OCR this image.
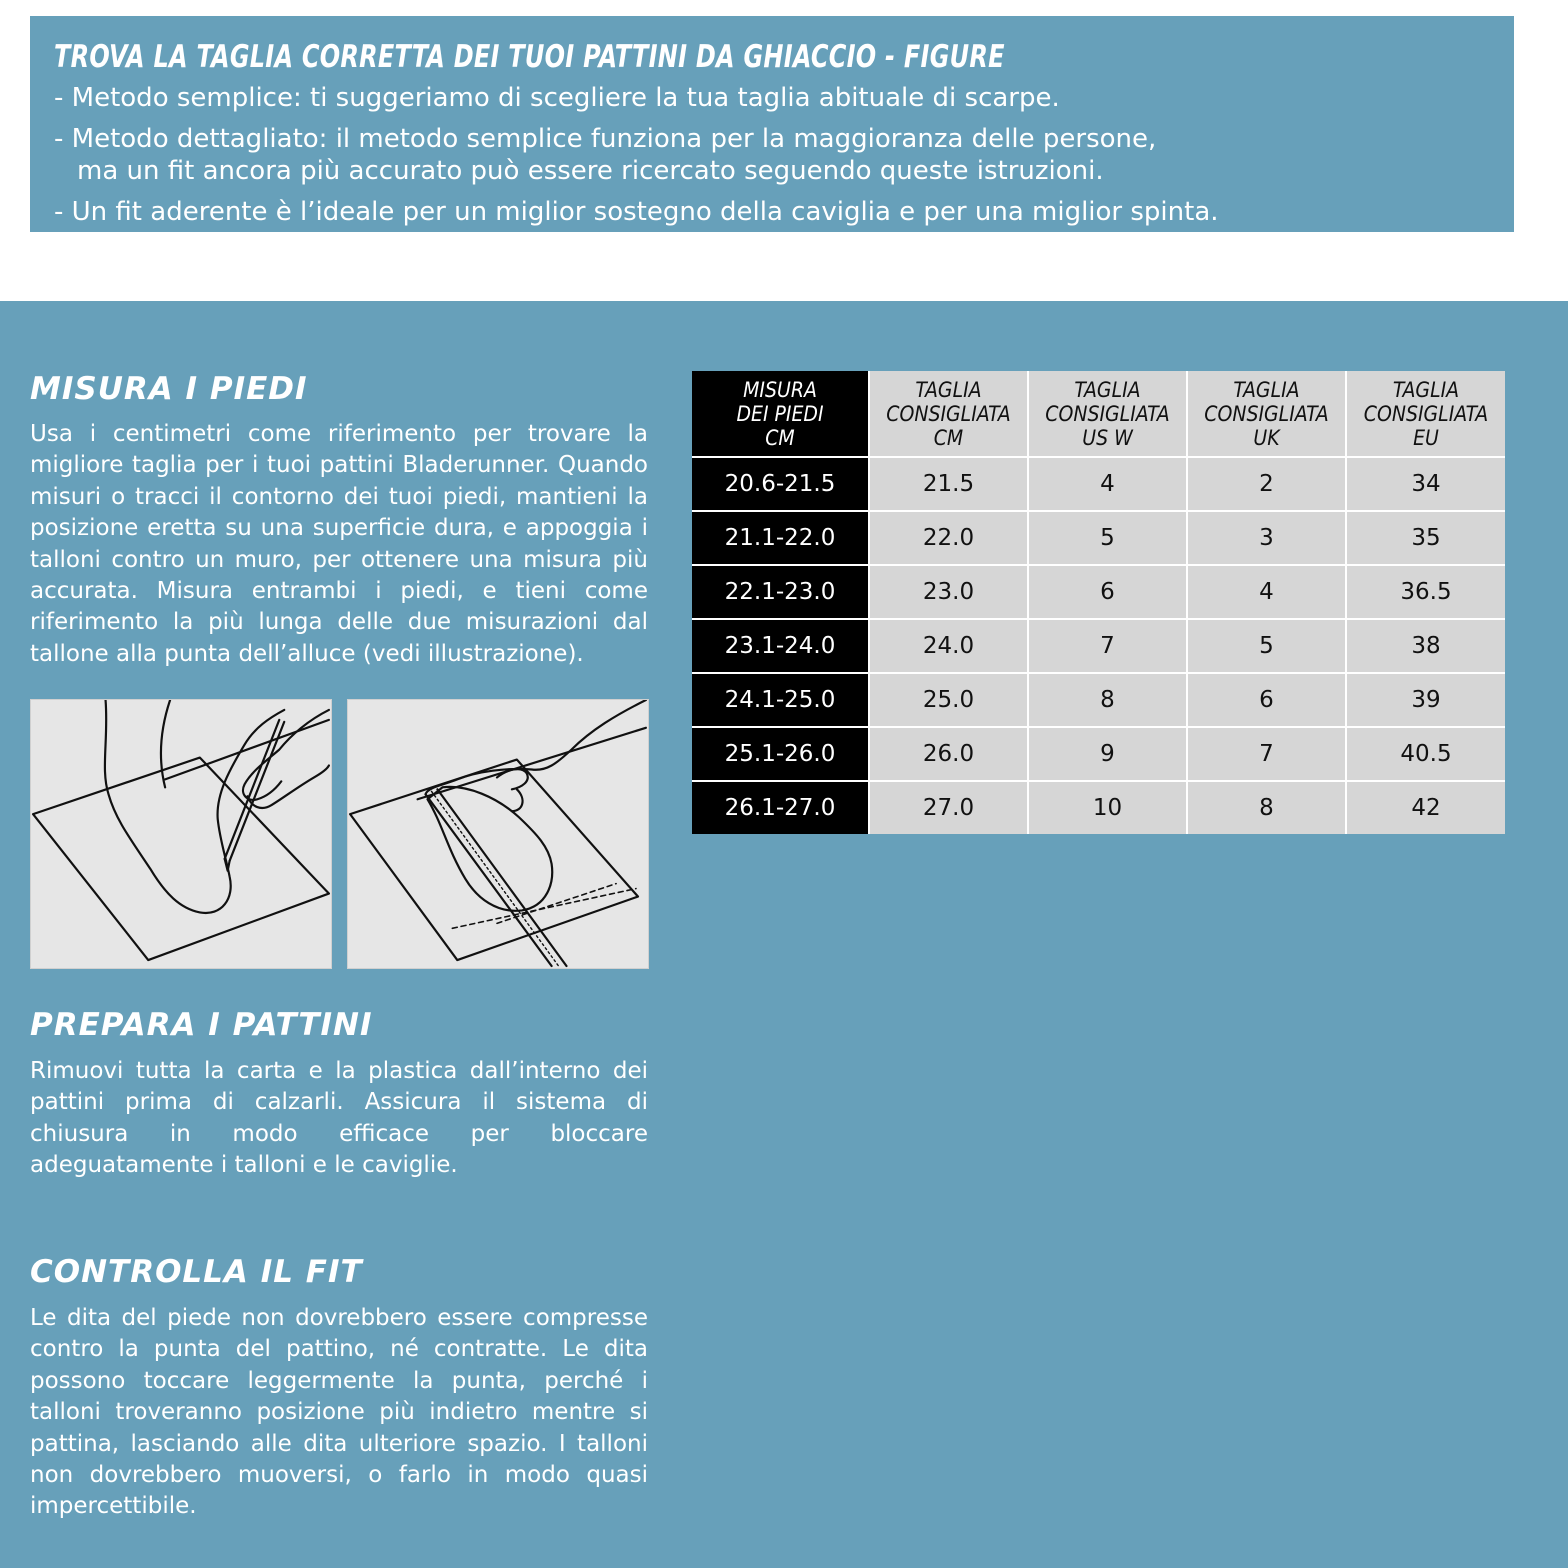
TROVA LA TAGLIA CORRETTA DEI TUOI PATTINI DA GHIACCIO - FIGURE
- Metodo semplice: ti suggeriamo di scegliere la tua taglia abituale di scarpe.
- Metodo dettagliato: il metodo semplice funziona per la maggioranza delle persone,
ma un fit ancora più accurato può essere ricercato seguendo queste istruzioni.
- Un fit aderente è l’ideale per un miglior sostegno della caviglia e per una miglior spinta.
MISURA I PIEDI

Usa i centimetri come riferimento per trovare la migliore taglia per i tuoi pattini Bladerunner. Quando misuri o tracci il contorno dei tuoi piedi, mantieni la posizione eretta su una superficie dura, e appoggia i talloni contro un muro, per ottenere una misura più accurata. Misura entrambi i piedi, e tieni come riferimento la più lunga delle due misurazioni dal tallone alla punta dell’alluce (vedi illustrazione).

PREPARA I PATTINI

Rimuovi tutta la carta e la plastica dall’interno dei pattini prima di calzarli. Assicura il sistema di chiusura in modo efficace per bloccare adeguatamente i talloni e le caviglie.

CONTROLLA IL FIT

Le dita del piede non dovrebbero essere compresse contro la punta del pattino, né contratte. Le dita possono toccare leggermente la punta, perché i talloni troveranno posizione più indietro mentre si pattina, lasciando alle dita ulteriore spazio. I talloni non dovrebbero muoversi, o farlo in modo quasi impercettibile.

MISURA
DEI PIEDI
CM	TAGLIA
CONSIGLIATA
CM	TAGLIA
CONSIGLIATA
US W	TAGLIA
CONSIGLIATA
UK	TAGLIA
CONSIGLIATA
EU
20.6-21.5	21.5	4	2	34
21.1-22.0	22.0	5	3	35
22.1-23.0	23.0	6	4	36.5
23.1-24.0	24.0	7	5	38
24.1-25.0	25.0	8	6	39
25.1-26.0	26.0	9	7	40.5
26.1-27.0	27.0	10	8	42
